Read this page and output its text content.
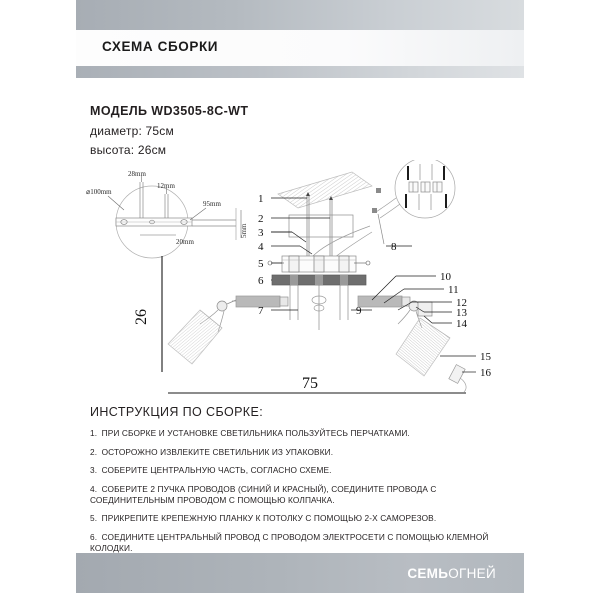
СХЕМА СБОРКИ
МОДЕЛЬ WD3505-8C-WT
диаметр: 75см
высота: 26см
⌀100mm
28mm
12mm
95mm
20mm
5mm
1
2
3
4
5
6
7
8
9
10
11
12
13
14
15
16
26
75
ИНСТРУКЦИЯ ПО СБОРКЕ:
1. ПРИ СБОРКЕ И УСТАНОВКЕ СВЕТИЛЬНИКА ПОЛЬЗУЙТЕСЬ ПЕРЧАТКАМИ.
2. ОСТОРОЖНО ИЗВЛЕКИТЕ СВЕТИЛЬНИК ИЗ УПАКОВКИ.
3. СОБЕРИТЕ ЦЕНТРАЛЬНУЮ ЧАСТЬ, СОГЛАСНО СХЕМЕ.
4. СОБЕРИТЕ 2 ПУЧКА ПРОВОДОВ (СИНИЙ И КРАСНЫЙ), СОЕДИНИТЕ ПРОВОДА С СОЕДИНИТЕЛЬНЫМ ПРОВОДОМ С ПОМОЩЬЮ КОЛПАЧКА.
5. ПРИКРЕПИТЕ КРЕПЕЖНУЮ ПЛАНКУ К ПОТОЛКУ С ПОМОЩЬЮ 2-Х САМОРЕЗОВ.
6. СОЕДИНИТЕ ЦЕНТРАЛЬНЫЙ ПРОВОД С ПРОВОДОМ ЭЛЕКТРОСЕТИ С ПОМОЩЬЮ КЛЕМНОЙ КОЛОДКИ.
СЕМЬОГНЕЙ
